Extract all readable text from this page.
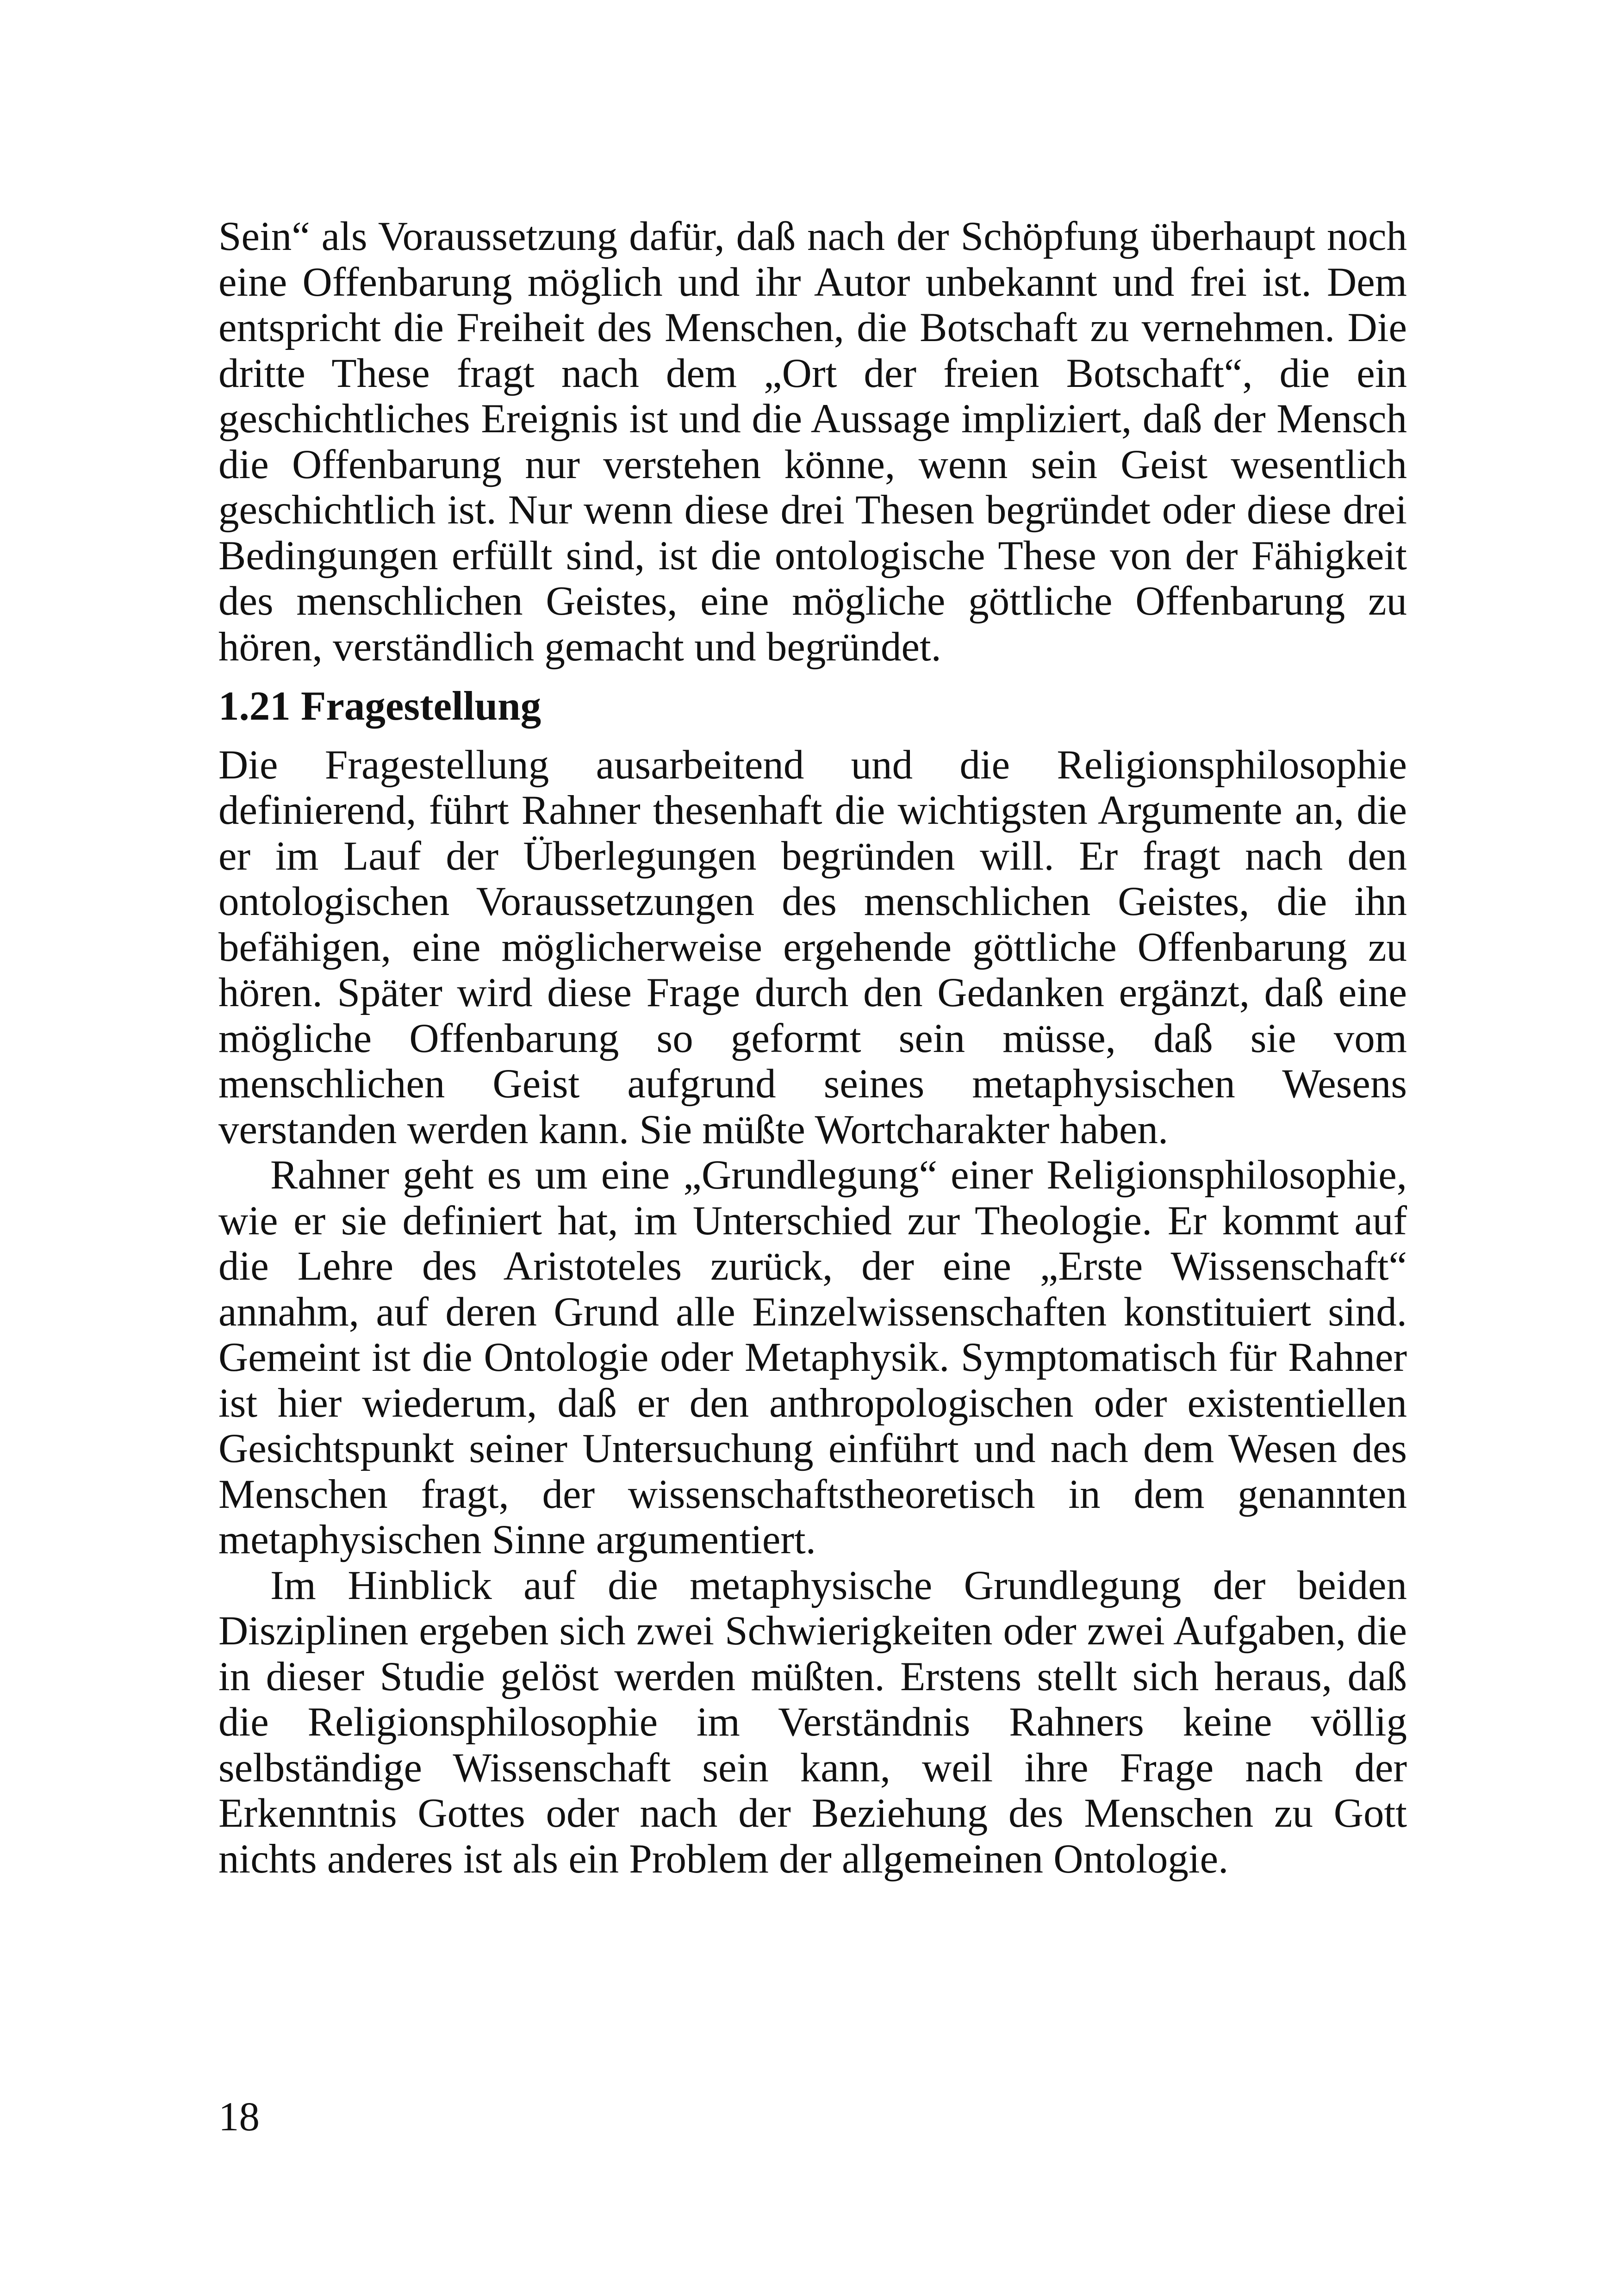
Sein“ als Voraussetzung dafür, daß nach der Schöpfung überhaupt noch eine Offenbarung möglich und ihr Autor unbekannt und frei ist. Dem entspricht die Freiheit des Menschen, die Botschaft zu vernehmen. Die dritte These fragt nach dem „Ort der freien Botschaft“, die ein geschichtliches Ereignis ist und die Aussage impliziert, daß der Mensch die Offenbarung nur verstehen könne, wenn sein Geist wesentlich geschichtlich ist. Nur wenn diese drei Thesen begründet oder diese drei Bedingungen erfüllt sind, ist die ontologische These von der Fähigkeit des menschlichen Geistes, eine mögliche göttliche Offenbarung zu hören, verständlich gemacht und begründet.

1.21 Fragestellung

Die Fragestellung ausarbeitend und die Religionsphilosophie definierend, führt Rahner thesenhaft die wichtigsten Argumente an, die er im Lauf der Überlegungen begründen will. Er fragt nach den ontologischen Voraussetzungen des menschlichen Geistes, die ihn befähigen, eine möglicherweise ergehende göttliche Offenbarung zu hören. Später wird diese Frage durch den Gedanken ergänzt, daß eine mögliche Offenbarung so geformt sein müsse, daß sie vom menschlichen Geist aufgrund seines metaphysischen Wesens verstanden werden kann. Sie müßte Wortcharakter haben.

Rahner geht es um eine „Grundlegung“ einer Religionsphilosophie, wie er sie definiert hat, im Unterschied zur Theologie. Er kommt auf die Lehre des Aristoteles zurück, der eine „Erste Wissenschaft“ annahm, auf deren Grund alle Einzelwissenschaften konstituiert sind. Gemeint ist die Ontologie oder Metaphysik. Symptomatisch für Rahner ist hier wiederum, daß er den anthropologischen oder existentiellen Gesichtspunkt seiner Untersuchung einführt und nach dem Wesen des Menschen fragt, der wissenschaftstheoretisch in dem genannten metaphysischen Sinne argumentiert.

Im Hinblick auf die metaphysische Grundlegung der beiden Disziplinen ergeben sich zwei Schwierigkeiten oder zwei Aufgaben, die in dieser Studie gelöst werden müßten. Erstens stellt sich heraus, daß die Religionsphilosophie im Verständnis Rahners keine völlig selbständige Wissenschaft sein kann, weil ihre Frage nach der Erkenntnis Gottes oder nach der Beziehung des Menschen zu Gott nichts anderes ist als ein Problem der allgemeinen Ontologie.

18
